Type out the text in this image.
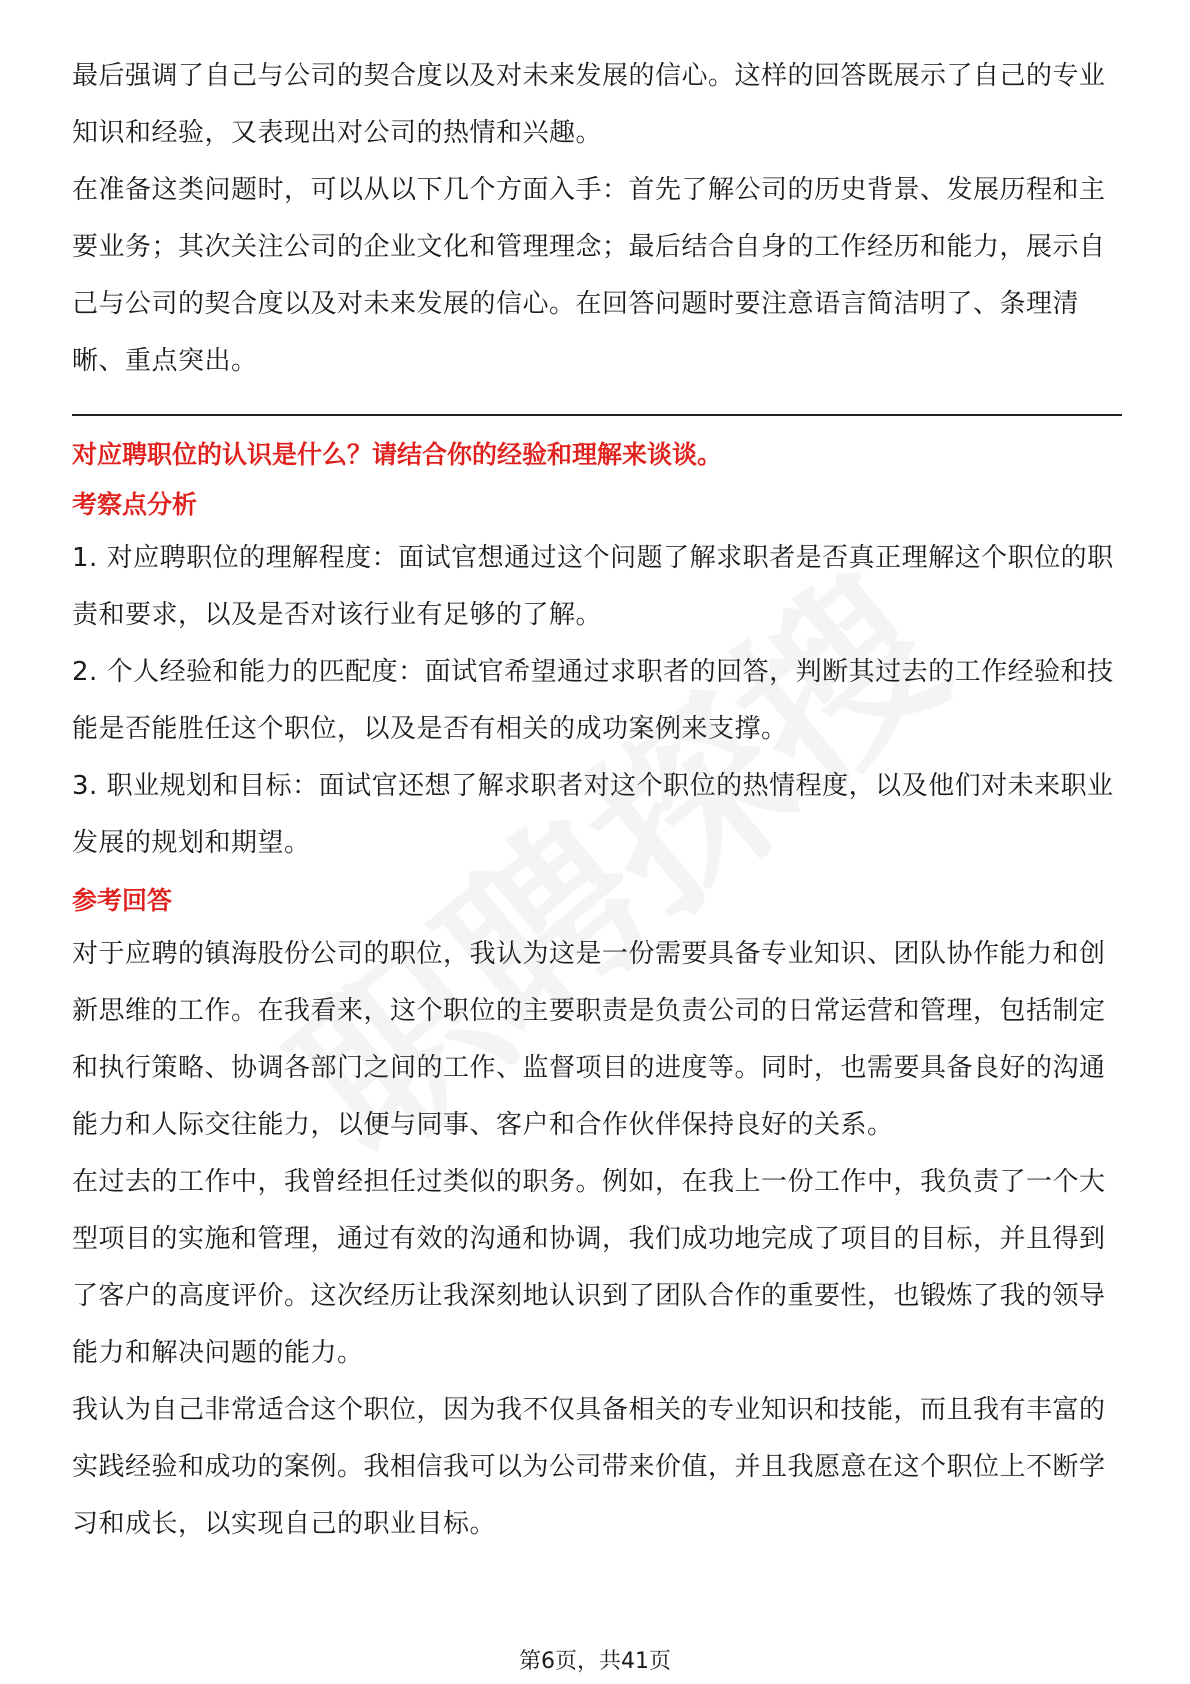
最后强调了自己与公司的契合度以及对未来发展的信心。这样的回答既展示了自己的专业知识和经验，又表现出对公司的热情和兴趣。

在准备这类问题时，可以从以下几个方面入手：首先了解公司的历史背景、发展历程和主要业务；其次关注公司的企业文化和管理理念；最后结合自身的工作经历和能力，展示自己与公司的契合度以及对未来发展的信心。在回答问题时要注意语言简洁明了、条理清晰、重点突出。

对应聘职位的认识是什么？请结合你的经验和理解来谈谈。

考察点分析

1. 对应聘职位的理解程度：面试官想通过这个问题了解求职者是否真正理解这个职位的职责和要求，以及是否对该行业有足够的了解。

2. 个人经验和能力的匹配度：面试官希望通过求职者的回答，判断其过去的工作经验和技能是否能胜任这个职位，以及是否有相关的成功案例来支撑。

3. 职业规划和目标：面试官还想了解求职者对这个职位的热情程度，以及他们对未来职业发展的规划和期望。

参考回答

对于应聘的镇海股份公司的职位，我认为这是一份需要具备专业知识、团队协作能力和创新思维的工作。在我看来，这个职位的主要职责是负责公司的日常运营和管理，包括制定和执行策略、协调各部门之间的工作、监督项目的进度等。同时，也需要具备良好的沟通能力和人际交往能力，以便与同事、客户和合作伙伴保持良好的关系。

在过去的工作中，我曾经担任过类似的职务。例如，在我上一份工作中，我负责了一个大型项目的实施和管理，通过有效的沟通和协调，我们成功地完成了项目的目标，并且得到了客户的高度评价。这次经历让我深刻地认识到了团队合作的重要性，也锻炼了我的领导能力和解决问题的能力。

我认为自己非常适合这个职位，因为我不仅具备相关的专业知识和技能，而且我有丰富的实践经验和成功的案例。我相信我可以为公司带来价值，并且我愿意在这个职位上不断学习和成长，以实现自己的职业目标。

第6页，共41页
